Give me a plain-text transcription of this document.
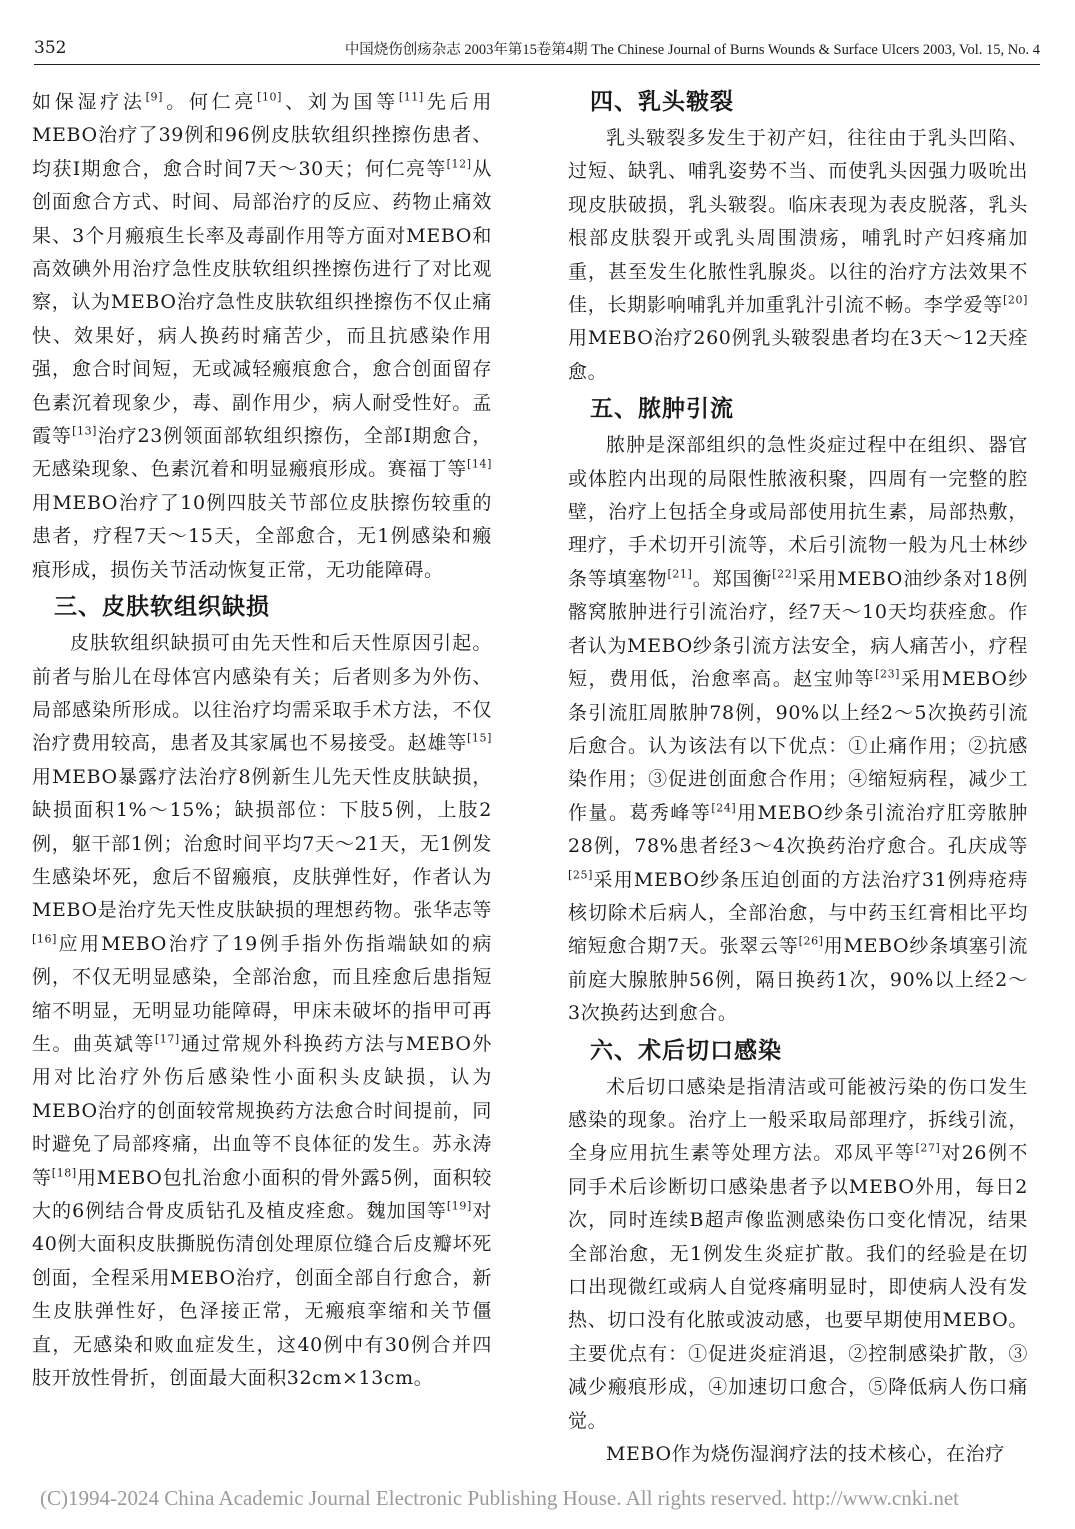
352	中国烧伤创疡杂志 2003年第15卷第4期 The Chinese Journal of Burns Wounds & Surface Ulcers 2003, Vol. 15, No. 4

如保湿疗法[9]。何仁亮[10]、刘为国等[11]先后用MEBO治疗了39例和96例皮肤软组织挫擦伤患者、均获Ⅰ期愈合，愈合时间7天～30天；何仁亮等[12]从创面愈合方式、时间、局部治疗的反应、药物止痛效果、3个月瘢痕生长率及毒副作用等方面对MEBO和高效碘外用治疗急性皮肤软组织挫擦伤进行了对比观察，认为MEBO治疗急性皮肤软组织挫擦伤不仅止痛快、效果好，病人换药时痛苦少，而且抗感染作用强，愈合时间短，无或减轻瘢痕愈合，愈合创面留存色素沉着现象少，毒、副作用少，病人耐受性好。孟霞等[13]治疗23例领面部软组织擦伤，全部Ⅰ期愈合，无感染现象、色素沉着和明显瘢痕形成。赛福丁等[14]用MEBO治疗了10例四肢关节部位皮肤擦伤较重的患者，疗程7天～15天，全部愈合，无1例感染和瘢痕形成，损伤关节活动恢复正常，无功能障碍。

三、皮肤软组织缺损

皮肤软组织缺损可由先天性和后天性原因引起。前者与胎儿在母体宫内感染有关；后者则多为外伤、局部感染所形成。以往治疗均需采取手术方法，不仅治疗费用较高，患者及其家属也不易接受。赵雄等[15]用MEBO暴露疗法治疗8例新生儿先天性皮肤缺损，缺损面积1%～15%；缺损部位：下肢5例，上肢2例，躯干部1例；治愈时间平均7天～21天，无1例发生感染坏死，愈后不留瘢痕，皮肤弹性好，作者认为MEBO是治疗先天性皮肤缺损的理想药物。张华志等[16]应用MEBO治疗了19例手指外伤指端缺如的病例，不仅无明显感染，全部治愈，而且痊愈后患指短缩不明显，无明显功能障碍，甲床未破坏的指甲可再生。曲英斌等[17]通过常规外科换药方法与MEBO外用对比治疗外伤后感染性小面积头皮缺损，认为MEBO治疗的创面较常规换药方法愈合时间提前，同时避免了局部疼痛，出血等不良体征的发生。苏永涛等[18]用MEBO包扎治愈小面积的骨外露5例，面积较大的6例结合骨皮质钻孔及植皮痊愈。魏加国等[19]对40例大面积皮肤撕脱伤清创处理原位缝合后皮瓣坏死创面，全程采用MEBO治疗，创面全部自行愈合，新生皮肤弹性好，色泽接正常，无瘢痕挛缩和关节僵直，无感染和败血症发生，这40例中有30例合并四肢开放性骨折，创面最大面积32cm×13cm。

四、乳头皲裂

乳头皲裂多发生于初产妇，往往由于乳头凹陷、过短、缺乳、哺乳姿势不当、而使乳头因强力吸吮出现皮肤破损，乳头皲裂。临床表现为表皮脱落，乳头根部皮肤裂开或乳头周围溃疡，哺乳时产妇疼痛加重，甚至发生化脓性乳腺炎。以往的治疗方法效果不佳，长期影响哺乳并加重乳汁引流不畅。李学爱等[20]用MEBO治疗260例乳头皲裂患者均在3天～12天痊愈。

五、脓肿引流

脓肿是深部组织的急性炎症过程中在组织、器官或体腔内出现的局限性脓液积聚，四周有一完整的腔壁，治疗上包括全身或局部使用抗生素，局部热敷，理疗，手术切开引流等，术后引流物一般为凡士林纱条等填塞物[21]。郑国衡[22]采用MEBO油纱条对18例髂窝脓肿进行引流治疗，经7天～10天均获痊愈。作者认为MEBO纱条引流方法安全，病人痛苦小，疗程短，费用低，治愈率高。赵宝帅等[23]采用MEBO纱条引流肛周脓肿78例，90%以上经2～5次换药引流后愈合。认为该法有以下优点：①止痛作用；②抗感染作用；③促进创面愈合作用；④缩短病程，减少工作量。葛秀峰等[24]用MEBO纱条引流治疗肛旁脓肿28例，78%患者经3～4次换药治疗愈合。孔庆成等[25]采用MEBO纱条压迫创面的方法治疗31例痔疮痔核切除术后病人，全部治愈，与中药玉红膏相比平均缩短愈合期7天。张翠云等[26]用MEBO纱条填塞引流前庭大腺脓肿56例，隔日换药1次，90%以上经2～3次换药达到愈合。

六、术后切口感染

术后切口感染是指清洁或可能被污染的伤口发生感染的现象。治疗上一般采取局部理疗，拆线引流，全身应用抗生素等处理方法。邓凤平等[27]对26例不同手术后诊断切口感染患者予以MEBO外用，每日2次，同时连续B超声像监测感染伤口变化情况，结果全部治愈，无1例发生炎症扩散。我们的经验是在切口出现微红或病人自觉疼痛明显时，即使病人没有发热、切口没有化脓或波动感，也要早期使用MEBO。主要优点有：①促进炎症消退，②控制感染扩散，③减少瘢痕形成，④加速切口愈合，⑤降低病人伤口痛觉。

MEBO作为烧伤湿润疗法的技术核心，在治疗

(C)1994-2024 China Academic Journal Electronic Publishing House. All rights reserved. http://www.cnki.net
